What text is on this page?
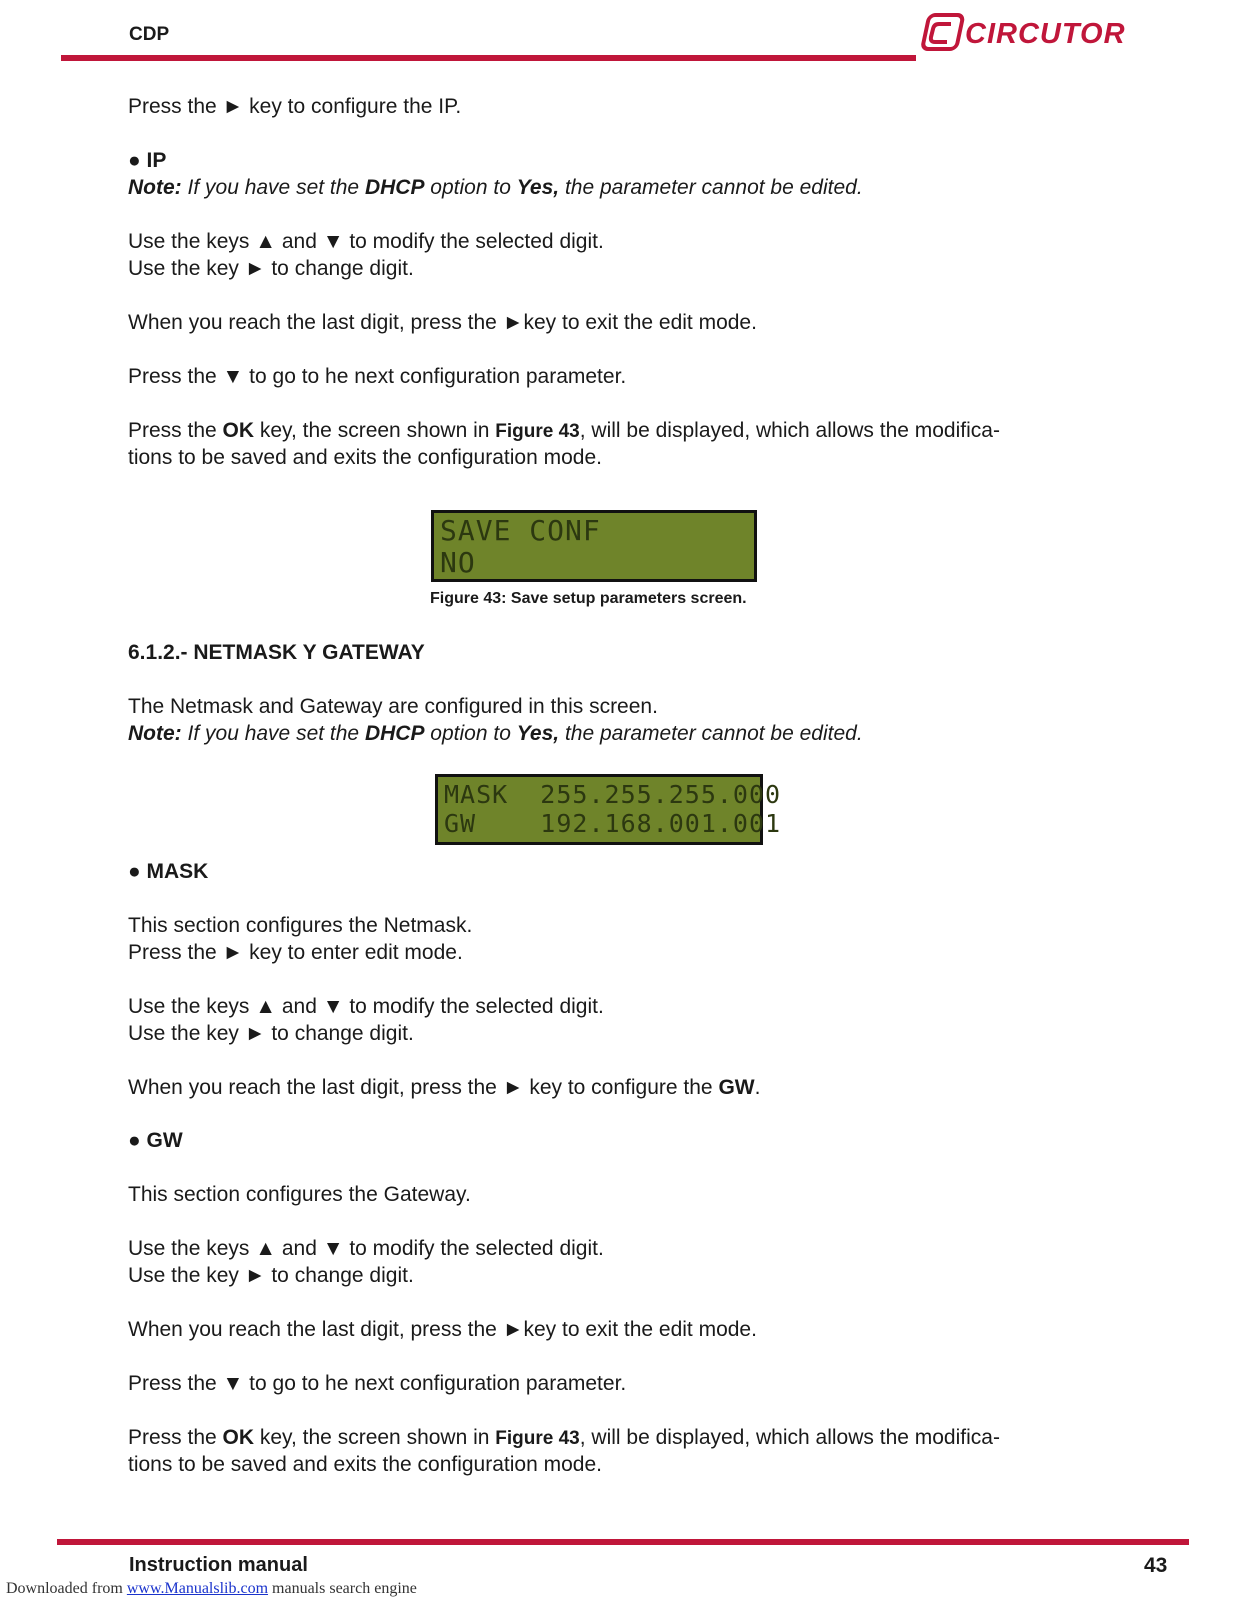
CDP	CIRCUTOR
Press the ► key to configure the IP.
● IP
Note: If you have set the DHCP option to Yes, the parameter cannot be edited.
Use the keys ▲ and ▼ to modify the selected digit.
Use the key ► to change digit.
When you reach the last digit, press the ►key to exit the edit mode.
Press the ▼ to go to he next configuration parameter.
Press the OK key, the screen shown in Figure 43, will be displayed, which allows the modifica-
tions to be saved and exits the configuration mode.
SAVE CONF
NO
Figure 43: Save setup parameters screen.
6.1.2.- NETMASK Y GATEWAY
The Netmask and Gateway are configured in this screen.
Note: If you have set the DHCP option to Yes, the parameter cannot be edited.
MASK  255.255.255.000
GW    192.168.001.001
● MASK
This section configures the Netmask.
Press the ► key to enter edit mode.
Use the keys ▲ and ▼ to modify the selected digit.
Use the key ► to change digit.
When you reach the last digit, press the ► key to configure the GW.
● GW
This section configures the Gateway.
Use the keys ▲ and ▼ to modify the selected digit.
Use the key ► to change digit.
When you reach the last digit, press the ►key to exit the edit mode.
Press the ▼ to go to he next configuration parameter.
Press the OK key, the screen shown in Figure 43, will be displayed, which allows the modifica-
tions to be saved and exits the configuration mode.
Instruction manual	43
Downloaded from www.Manualslib.com manuals search engine
